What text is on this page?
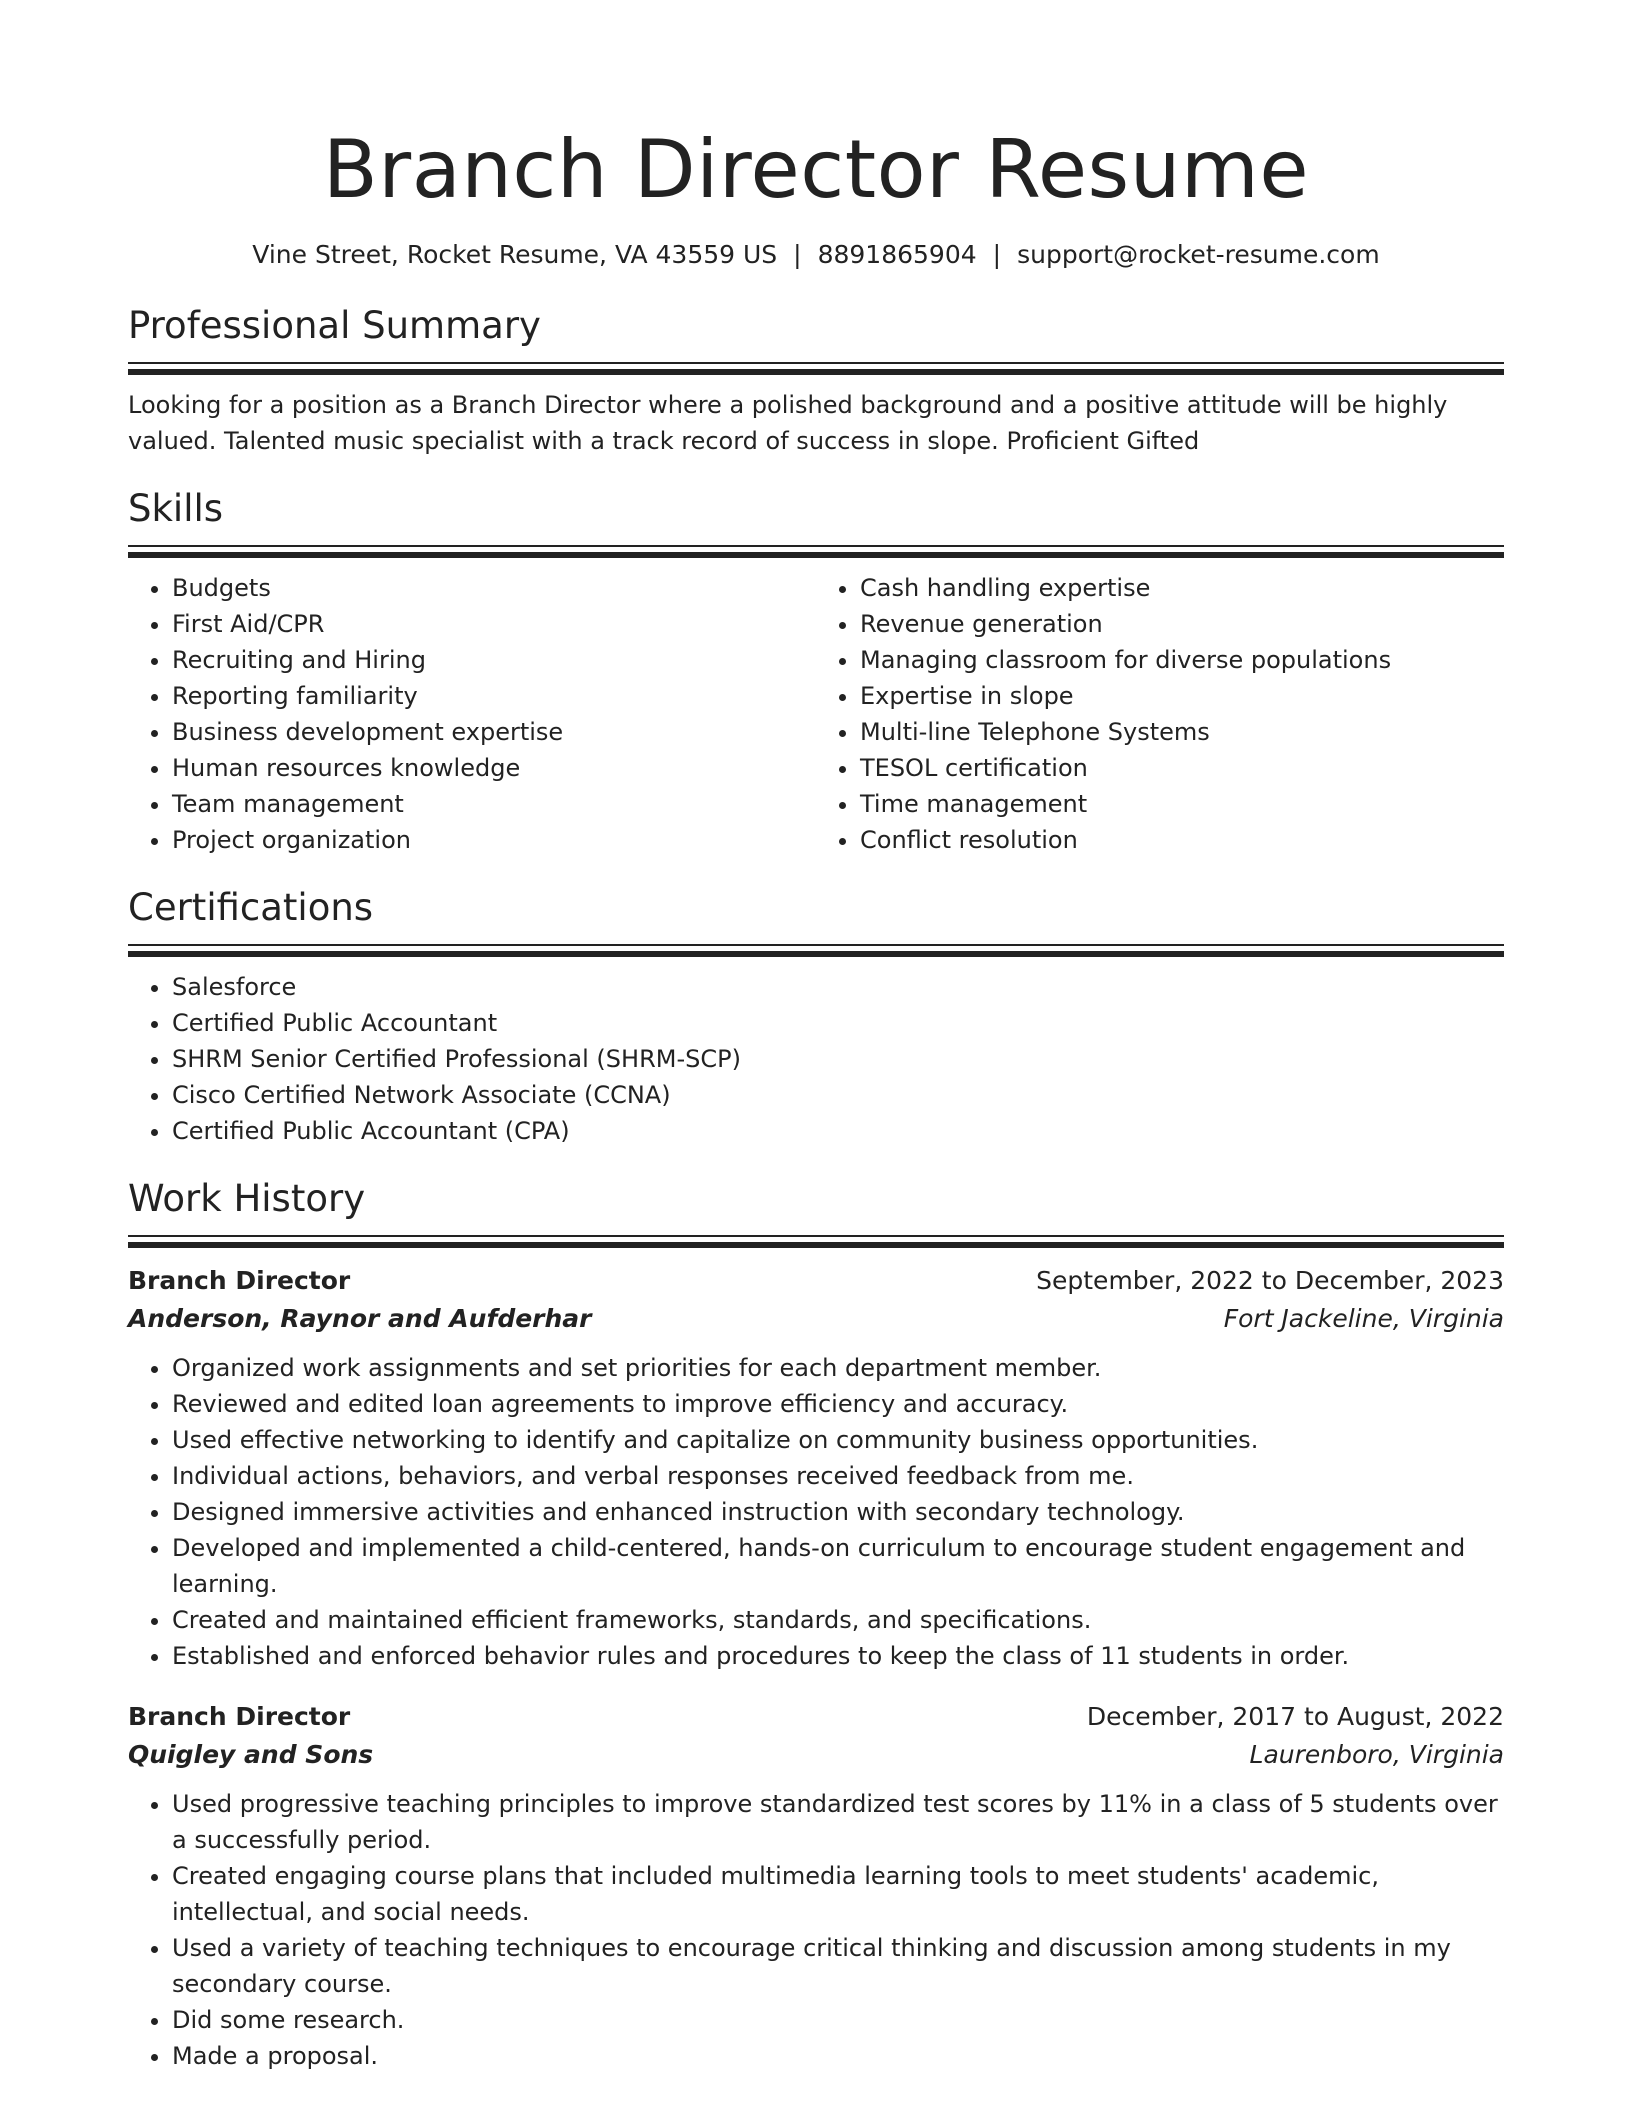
Branch Director Resume
Vine Street, Rocket Resume, VA 43559 US | 8891865904 | support@rocket-resume.com
Professional Summary
Looking for a position as a Branch Director where a polished background and a positive attitude will be highly valued. Talented music specialist with a track record of success in slope. Proficient Gifted
Skills
• Budgets
• First Aid/CPR
• Recruiting and Hiring
• Reporting familiarity
• Business development expertise
• Human resources knowledge
• Team management
• Project organization
• Cash handling expertise
• Revenue generation
• Managing classroom for diverse populations
• Expertise in slope
• Multi-line Telephone Systems
• TESOL certification
• Time management
• Conflict resolution
Certifications
• Salesforce
• Certified Public Accountant
• SHRM Senior Certified Professional (SHRM-SCP)
• Cisco Certified Network Associate (CCNA)
• Certified Public Accountant (CPA)
Work History
Branch Director	September, 2022 to December, 2023
Anderson, Raynor and Aufderhar	Fort Jackeline, Virginia
• Organized work assignments and set priorities for each department member.
• Reviewed and edited loan agreements to improve efficiency and accuracy.
• Used effective networking to identify and capitalize on community business opportunities.
• Individual actions, behaviors, and verbal responses received feedback from me.
• Designed immersive activities and enhanced instruction with secondary technology.
• Developed and implemented a child-centered, hands-on curriculum to encourage student engagement and learning.
• Created and maintained efficient frameworks, standards, and specifications.
• Established and enforced behavior rules and procedures to keep the class of 11 students in order.
Branch Director	December, 2017 to August, 2022
Quigley and Sons	Laurenboro, Virginia
• Used progressive teaching principles to improve standardized test scores by 11% in a class of 5 students over a successfully period.
• Created engaging course plans that included multimedia learning tools to meet students' academic, intellectual, and social needs.
• Used a variety of teaching techniques to encourage critical thinking and discussion among students in my secondary course.
• Did some research.
• Made a proposal.
